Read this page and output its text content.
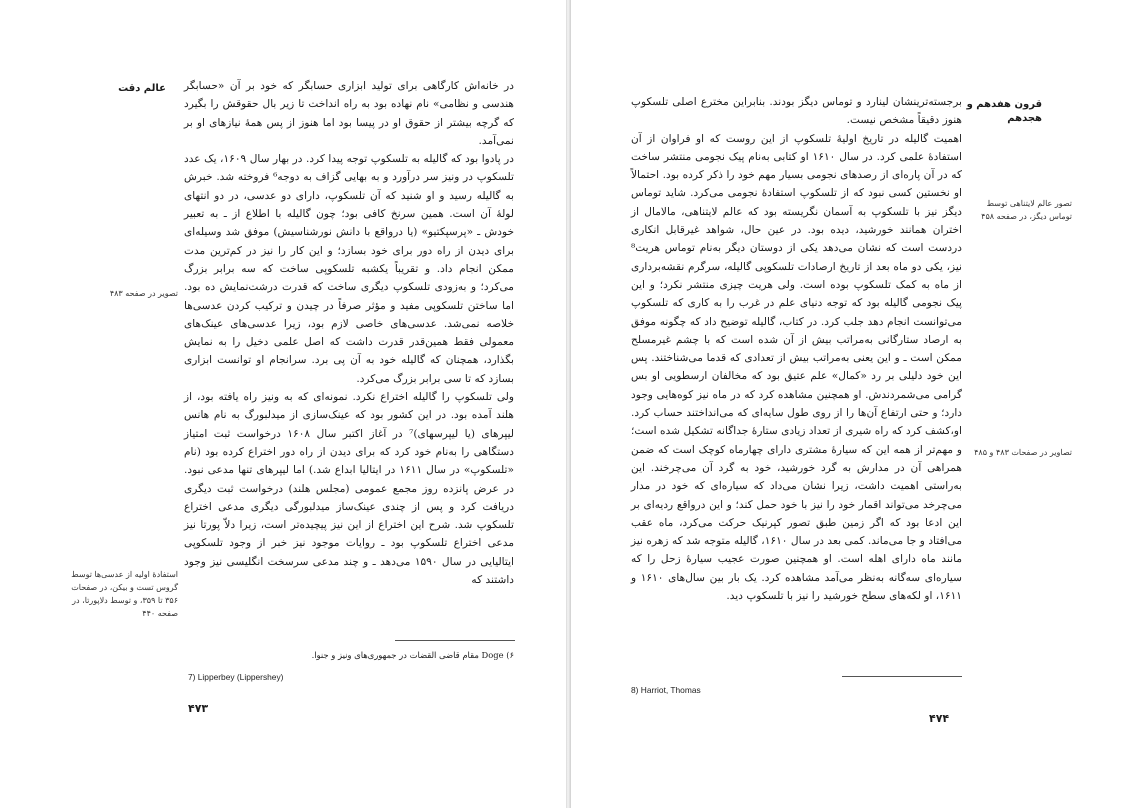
عالم دقت در خانه‌اش کارگاهی برای تولید ابزاری حسابگر که خود بر آن «حسابگر هندسی و نظامی» نام نهاده بود به راه انداخت تا زیر بال حقوقش را بگیرد که گرچه بیشتر از حقوق او در پیسا بود اما هنوز از پس همهٔ نیازهای او بر نمی‌آمد.

در پادوا بود که گالیله به تلسکوپ توجه پیدا کرد. در بهار سال ۱۶۰۹، یک عدد تلسکوپ در ونیز سر درآورد و به بهایی گزاف به دوجه⁶ فروخته شد. خبرش به گالیله رسید و او شنید که آن تلسکوپ، دارای دو عدسی، در دو انتهای لولهٔ آن است. همین سرنخ کافی بود؛ چون گالیله با اطلاع از ـ به تعبیر خودش ـ «پرسپکتیو» (یا درواقع با دانش نورشناسیش) موفق شد وسیله‌ای برای دیدن از راه دور برای خود بسازد؛ و این کار را نیز در کم‌ترین مدت ممکن انجام داد. و تقریباً یکشبه تلسکوپی ساخت که سه برابر بزرگ می‌کرد؛ و به‌زودی تلسکوپ دیگری ساخت که قدرت درشت‌نمایش ده بود. اما ساختن تلسکوپی مفید و مؤثر صرفاً در چیدن و ترکیب کردن عدسی‌ها خلاصه نمی‌شد. عدسی‌های خاصی لازم بود، زیرا عدسی‌های عینک‌های معمولی فقط همین‌قدر قدرت داشت که اصل علمی دخیل را به نمایش بگذارد، همچنان که گالیله خود به آن پی برد. سرانجام او توانست ابزاری بسازد که تا سی برابر بزرگ می‌کرد.

ولی تلسکوپ را گالیله اختراع نکرد. نمونه‌ای که به ونیز راه یافته بود، از هلند آمده بود. در این کشور بود که عینک‌سازی از میدلبورگ به نام هانس لیپرهای (یا لیپرسهای)⁷ در آغاز اکتبر سال ۱۶۰۸ درخواست ثبت امتیاز دستگاهی را به‌نام خود کرد که برای دیدن از راه دور اختراع کرده بود (نام «تلسکوپ» در سال ۱۶۱۱ در ایتالیا ابداع شد.) اما لیپرهای تنها مدعی نبود. در عرض پانزده روز مجمع عمومی (مجلس هلند) درخواست ثبت دیگری دریافت کرد و پس از چندی عینک‌ساز میدلبورگی دیگری مدعی اختراع تلسکوپ شد. شرح این اختراع از این نیز پیچیده‌تر است، زیرا دلاّ پورتا نیز مدعی اختراع تلسکوپ بود ـ روایات موجود نیز خبر از وجود تلسکوپی ایتالیایی در سال ۱۵۹۰ می‌دهد ـ و چند مدعی سرسخت انگلیسی نیز وجود داشتند که

تصویر در صفحه ۴۸۳
استفادهٔ اولیه از عدسی‌ها توسط گروس تست و بیکن، در صفحات ۳۵۶ تا ۳۵۹، و توسط دلاپورتا، در صفحه ۴۴۰
Doge (۶ مقام قاضی القضات در جمهوری‌های ونیز و جنوا.
7) Lipperbey (Lippershey)
۴۷۳
قرون هفدهم و هجدهم

برجسته‌ترینشان لینارد و توماس دیگز بودند. بنابراین مخترع اصلی تلسکوپ هنوز دقیقاً مشخص نیست.

اهمیت گالیله در تاریخ اولیهٔ تلسکوپ از این روست که او فراوان از آن استفادهٔ علمی کرد. در سال ۱۶۱۰ او کتابی به‌نام پیک نجومی منتشر ساخت که در آن پاره‌ای از رصدهای نجومی بسیار مهم خود را ذکر کرده بود. احتمالاً او نخستین کسی نبود که از تلسکوپ استفادهٔ نجومی می‌کرد. شاید توماس دیگز نیز با تلسکوپ به آسمان نگریسته بود که عالم لایتناهی، مالامال از اختران همانند خورشید، دیده بود. در عین حال، شواهد غیرقابل انکاری دردست است که نشان می‌دهد یکی از دوستان دیگر به‌نام توماس هریت⁸ نیز، یکی دو ماه بعد از تاریخ ارصادات تلسکوپی گالیله، سرگرم نقشه‌برداری از ماه به کمک تلسکوپ بوده است. ولی هریت چیزی منتشر نکرد؛ و این پیک نجومی گالیله بود که توجه دنیای علم در غرب را به کاری که تلسکوپ می‌توانست انجام دهد جلب کرد. در کتاب، گالیله توضیح داد که چگونه موفق به ارصاد ستارگانی به‌مراتب بیش از آن شده است که با چشم غیرمسلح ممکن است ـ و این یعنی به‌مراتب بیش از تعدادی که قدما می‌شناختند. پس این خود دلیلی بر رد «کمال» علم عتیق بود که مخالفان ارسطویی او بس گرامی می‌شمردندش. او همچنین مشاهده کرد که در ماه نیز کوه‌هایی وجود دارد؛ و حتی ارتفاع آن‌ها را از روی طول سایه‌ای که می‌انداختند حساب کرد. او،کشف کرد که راه شیری از تعداد زیادی ستارهٔ جداگانه تشکیل شده است؛ و مهم‌تر از همه این که سیارهٔ مشتری دارای چهارماه کوچک است که ضمن همراهی آن در مدارش به گرد خورشید، خود به گرد آن می‌چرخند. این به‌راستی اهمیت داشت، زیرا نشان می‌داد که سیاره‌ای که خود در مدار می‌چرخد می‌تواند اقمار خود را نیز با خود حمل کند؛ و این درواقع ردیه‌ای بر این ادعا بود که اگر زمین طبق تصور کپرنیک حرکت می‌کرد، ماه عقب می‌افتاد و جا می‌ماند. کمی بعد در سال ۱۶۱۰، گالیله متوجه شد که زهره نیز مانند ماه دارای اهله است. او همچنین صورت عجیب سیارهٔ زحل را که سیاره‌ای سه‌گانه به‌نظر می‌آمد مشاهده کرد. یک بار بین سال‌های ۱۶۱۰ و ۱۶۱۱، او لکه‌های سطح خورشید را نیز با تلسکوپ دید.

تصور عالم لایتناهی توسط توماس دیگز، در صفحه ۴۵۸
تصاویر در صفحات ۴۸۳ و ۴۸۵
8) Harriot, Thomas
۴۷۴
